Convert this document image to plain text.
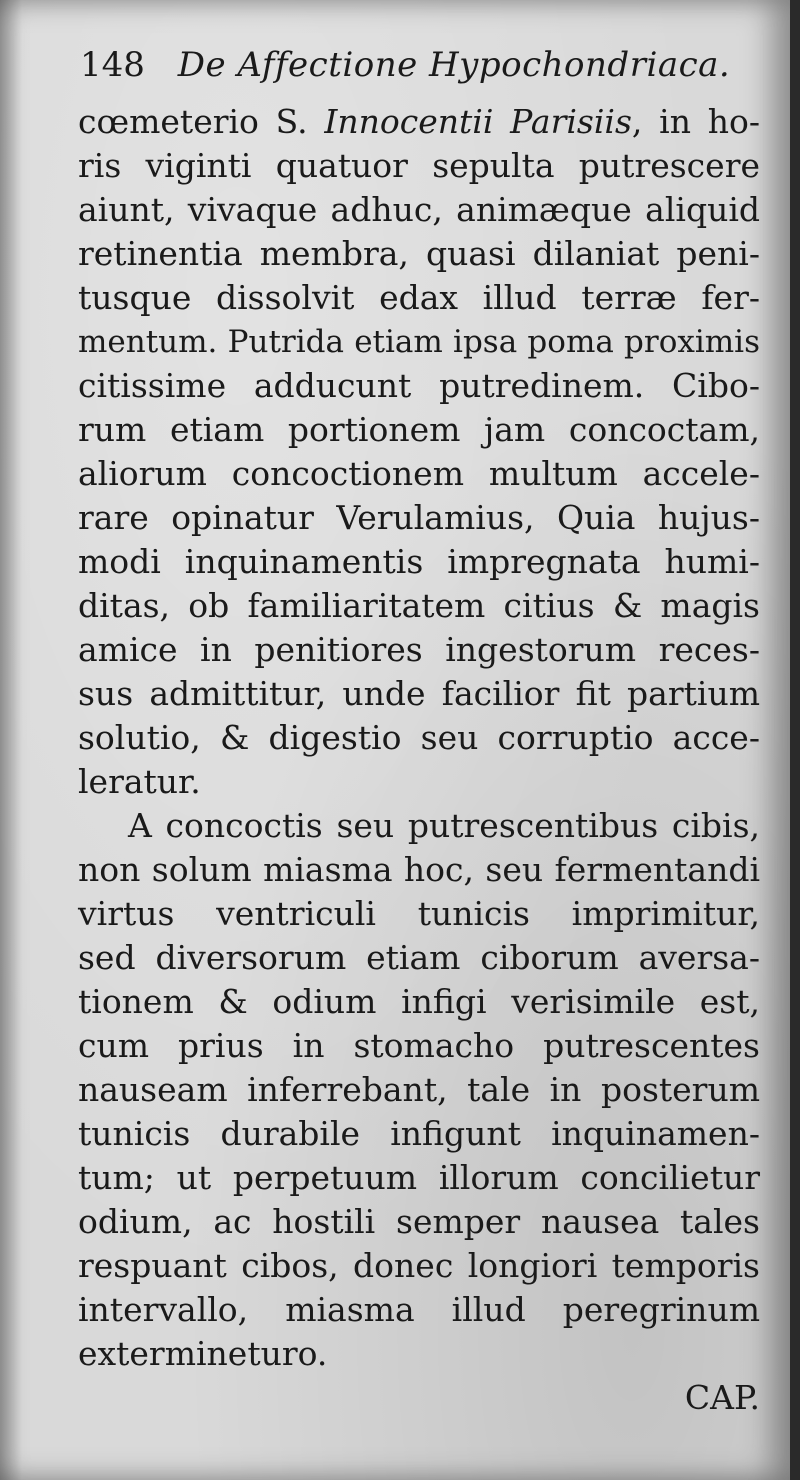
148 De Affectione Hypochondriaca.
cœmeterio S. Innocentii Parisiis, in ho-
ris viginti quatuor sepulta putrescere
aiunt, vivaque adhuc, animæque aliquid
retinentia membra, quasi dilaniat peni-
tusque dissolvit edax illud terræ fer-
mentum. Putrida etiam ipsa poma proximis
citissime adducunt putredinem. Cibo-
rum etiam portionem jam concoctam,
aliorum concoctionem multum accele-
rare opinatur Verulamius, Quia hujus-
modi inquinamentis impregnata humi-
ditas, ob familiaritatem citius & magis
amice in penitiores ingestorum reces-
sus admittitur, unde facilior fit partium
solutio, & digestio seu corruptio acce-
leratur.
A concoctis seu putrescentibus cibis,
non solum miasma hoc, seu fermentandi
virtus ventriculi tunicis imprimitur,
sed diversorum etiam ciborum aversa-
tionem & odium infigi verisimile est,
cum prius in stomacho putrescentes
nauseam inferrebant, tale in posterum
tunicis durabile infigunt inquinamen-
tum; ut perpetuum illorum concilietur
odium, ac hostili semper nausea tales
respuant cibos, donec longiori temporis
intervallo, miasma illud peregrinum
extermineturo.
CAP.
